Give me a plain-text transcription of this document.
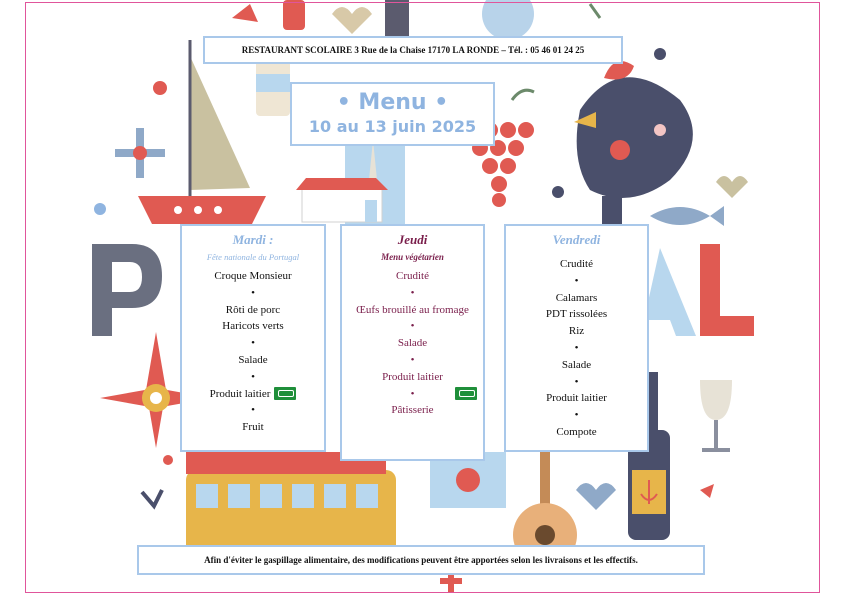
RESTAURANT SCOLAIRE 3 Rue de la Chaise 17170 LA RONDE – Tél. : 05 46 01 24 25
• Menu •
10 au 13 juin 2025
Mardi :
Fête nationale du Portugal
Croque Monsieur
•
Rôti de porc
Haricots verts
•
Salade
•
Produit laitier
•
Fruit
Jeudi
Menu végétarien
Crudité
•
Œufs brouillé au fromage
•
Salade
•
Produit laitier
•
Pâtisserie
Vendredi
Crudité
•
Calamars
PDT rissolées
Riz
•
Salade
•
Produit laitier
•
Compote
Afin d'éviter le gaspillage alimentaire, des modifications peuvent être apportées selon les livraisons et les effectifs.
